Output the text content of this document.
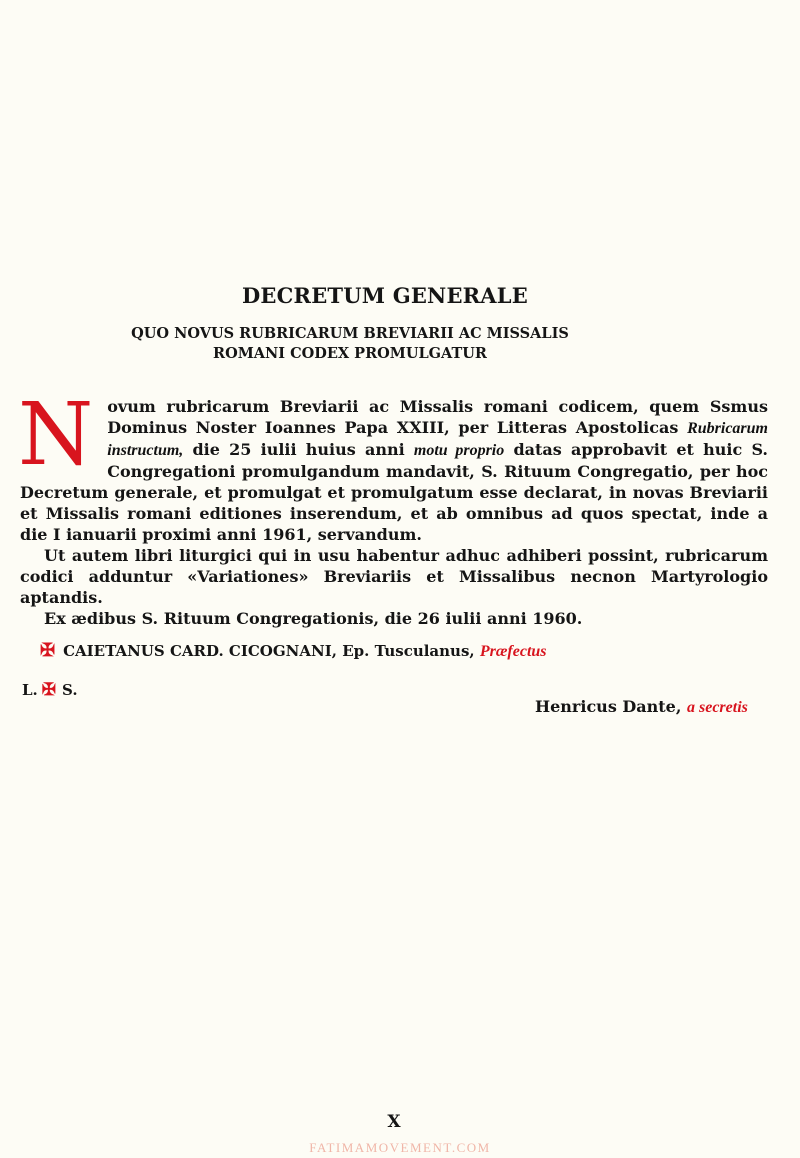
DECRETUM GENERALE
QUO NOVUS RUBRICARUM BREVIARII AC MISSALIS
ROMANI CODEX PROMULGATUR

Novum rubricarum Breviarii ac Missalis romani codicem, quem Ssmus Dominus Noster Ioannes Papa XXIII, per Litteras Apostolicas Rubricarum instructum, die 25 iulii huius anni motu proprio datas approbavit et huic S. Congregationi promulgandum mandavit, S. Rituum Congregatio, per hoc Decretum generale, et promulgat et promulgatum esse declarat, in novas Breviarii et Missalis romani editiones inserendum, et ab omnibus ad quos spectat, inde a die I ianuarii proximi anni 1961, servandum.

Ut autem libri liturgici qui in usu habentur adhuc adhiberi possint, rubricarum codici adduntur «Variationes» Breviariis et Missalibus necnon Martyrologio aptandis.

Ex ædibus S. Rituum Congregationis, die 26 iulii anni 1960.

✠ CAIETANUS CARD. CICOGNANI, Ep. Tusculanus, Præfectus
L. ✠ S.
Henricus Dante, a secretis
X
FATIMAMOVEMENT.COM
